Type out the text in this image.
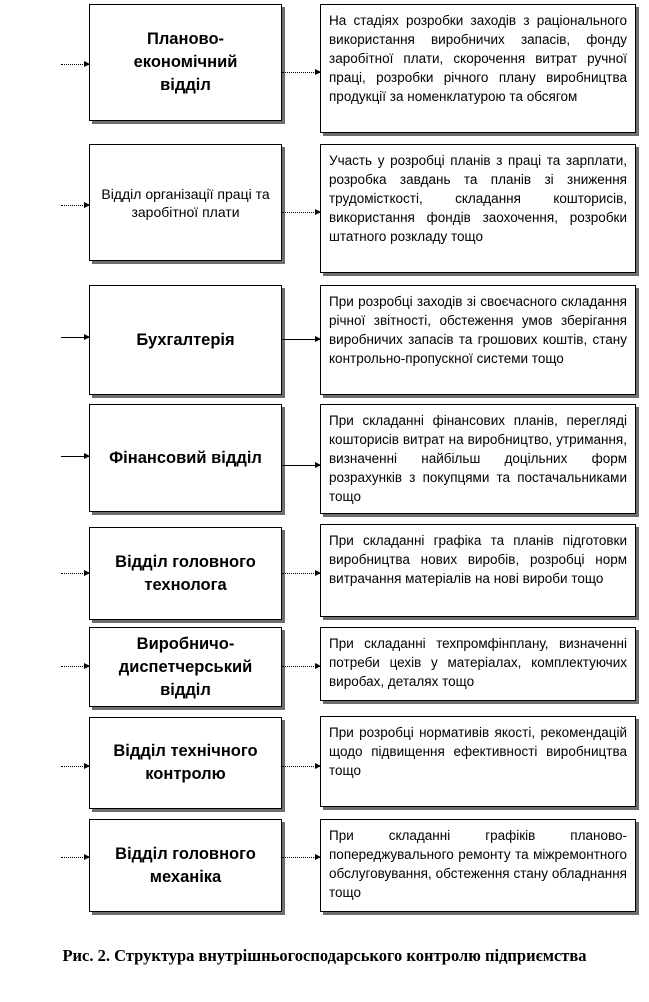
Планово-
економічний
відділ
На стадіях розробки заходів з раціонального використання виробничих запасів, фонду заробітної плати, скорочення витрат ручної праці, розробки річного плану виробництва продукції за номенклатурою та обсягом
Відділ організації праці та заробітної плати
Участь у розробці планів з праці та зарплати, розробка завдань та планів зі зниження трудомісткості, складання кошторисів, використання фондів заохочення, розробки штатного розкладу тощо
Бухгалтерія
При розробці заходів зі своєчасного складання річної звітності, обстеження умов зберігання виробничих запасів та грошових коштів, стану контрольно-пропускної системи тощо
Фінансовий відділ
При складанні фінансових планів, перегляді кошторисів витрат на виробництво, утримання, визначенні найбільш доцільних форм розрахунків з покупцями та постачальниками тощо
Відділ головного технолога
При складанні графіка та планів підготовки виробництва нових виробів, розробці норм витрачання матеріалів на нові вироби тощо
Виробничо-
диспетчерський
відділ
При складанні техпромфінплану, визначенні потреби цехів у матеріалах, комплектуючих виробах, деталях тощо
Відділ технічного контролю
При розробці нормативів якості, рекомендацій щодо підвищення ефективності виробництва тощо
Відділ головного механіка
При складанні графіків планово-попереджувального ремонту та міжремонтного обслуговування, обстеження стану обладнання тощо
Рис. 2. Структура внутрішньогосподарського контролю підприємства
